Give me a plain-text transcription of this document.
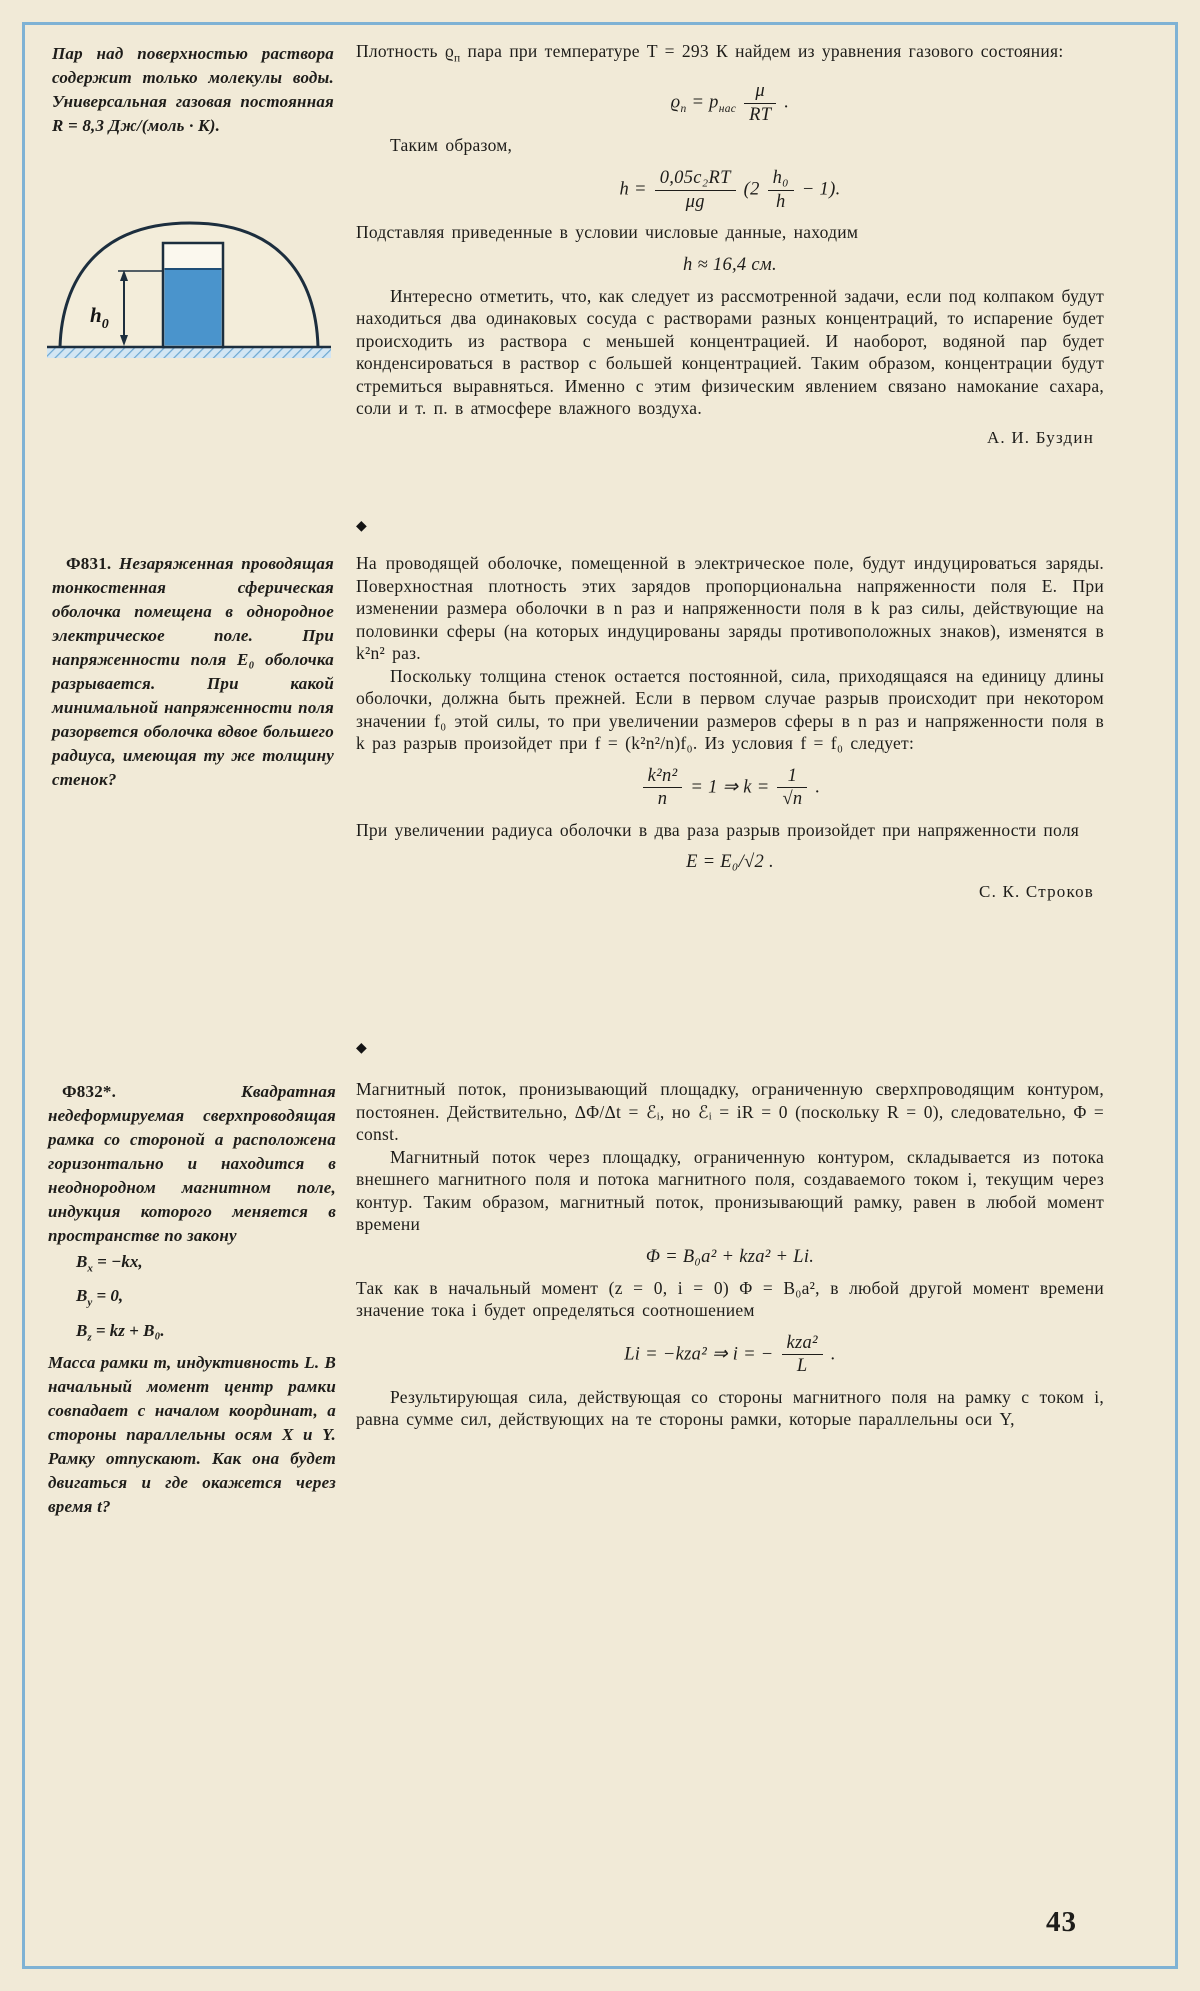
Пар над поверхностью раствора содержит только молекулы воды. Универсальная газовая постоянная R = 8,3 Дж/(моль · К).

$h_0$

Ф831. Незаряженная проводящая тонкостенная сферическая оболочка помещена в однородное электрическое поле. При напряженности поля E₀ оболочка разрывается. При какой минимальной напряженности поля разорвется оболочка вдвое большего радиуса, имеющая ту же толщину стенок?

Ф832*.	Квадратная недеформируемая сверхпроводящая рамка со стороной a расположена горизонтально и находится в неоднородном магнитном поле, индукция которого меняется в пространстве по закону

$B_x = -kx$,
$B_y = 0$,
$B_z$ = kz + B₀.

Масса рамки m, индуктивность L. В начальный момент центр рамки совпадает с началом координат, а стороны параллельны осям X и Y. Рамку отпускают. Как она будет двигаться и где окажется через время t?

Плотность $ϱ_п$ пара при температуре T = 293 К найдем из уравнения газового состояния:

$ϱ_п = p_{нас} \frac{\mu}{RT}$ .

Таким образом,

$h = \frac{\text{0,05c₂RT}}{\mu g} (2 \frac{\text{h₀}}{h} - 1)$.

Подставляя приведенные в условии числовые данные, находим

h ≈ 16,4 см.

Интересно отметить, что, как следует из рассмотренной задачи, если под колпаком будут находиться два одинаковых сосуда с растворами разных концентраций, то испарение будет происходить из раствора с меньшей концентрацией. И наоборот, водяной пар будет конденсироваться в раствор с большей концентрацией. Таким образом, концентрации будут стремиться выравняться. Именно с этим физическим явлением связано намокание сахара, соли и т. п. в атмосфере влажного воздуха.

А. И. Буздин
◆

На проводящей оболочке, помещенной в электрическое поле, будут индуцироваться заряды. Поверхностная плотность этих зарядов пропорциональна напряженности поля E. При изменении размера оболочки в n раз и напряженности поля в k раз силы, действующие на половинки сферы (на которых индуцированы заряды противоположных знаков), изменятся в k²n² раз.

Поскольку толщина стенок остается постоянной, сила, приходящаяся на единицу длины оболочки, должна быть прежней. Если в первом случае разрыв происходит при некотором значении f₀ этой силы, то при увеличении размеров сферы в n раз и напряженности поля в k раз разрыв произойдет при f = (k²n²/n)f₀. Из условия f = f₀ следует:

$\frac{\text{k²n²}}{n} = 1$ ⇒ $k = \frac{1}{√n}$ .

При увеличении радиуса оболочки в два раза разрыв произойдет при напряженности поля

E = E₀/√2 .
С. К. Строков
◆

Магнитный поток, пронизывающий площадку, ограниченную сверхпроводящим контуром, постоянен. Действительно, ΔΦ/Δt = ℰᵢ, но ℰᵢ = iR = 0 (поскольку R = 0), следовательно, Φ = const.

Магнитный поток через площадку, ограниченную контуром, складывается из потока внешнего магнитного поля и потока магнитного поля, создаваемого током i, текущим через контур. Таким образом, магнитный поток, пронизывающий рамку, равен в любой момент времени

Φ = B₀a² + kza² + Li.

Так как в начальный момент (z = 0, i = 0) Φ = B₀a², в любой другой момент времени значение тока i будет определяться соотношением

Li = −kza² ⇒ i = − $\frac{\text{kza²}}{L}$ .

Результирующая сила, действующая со стороны магнитного поля на рамку с током i, равна сумме сил, действующих на те стороны рамки, которые параллельны оси Y,

43
